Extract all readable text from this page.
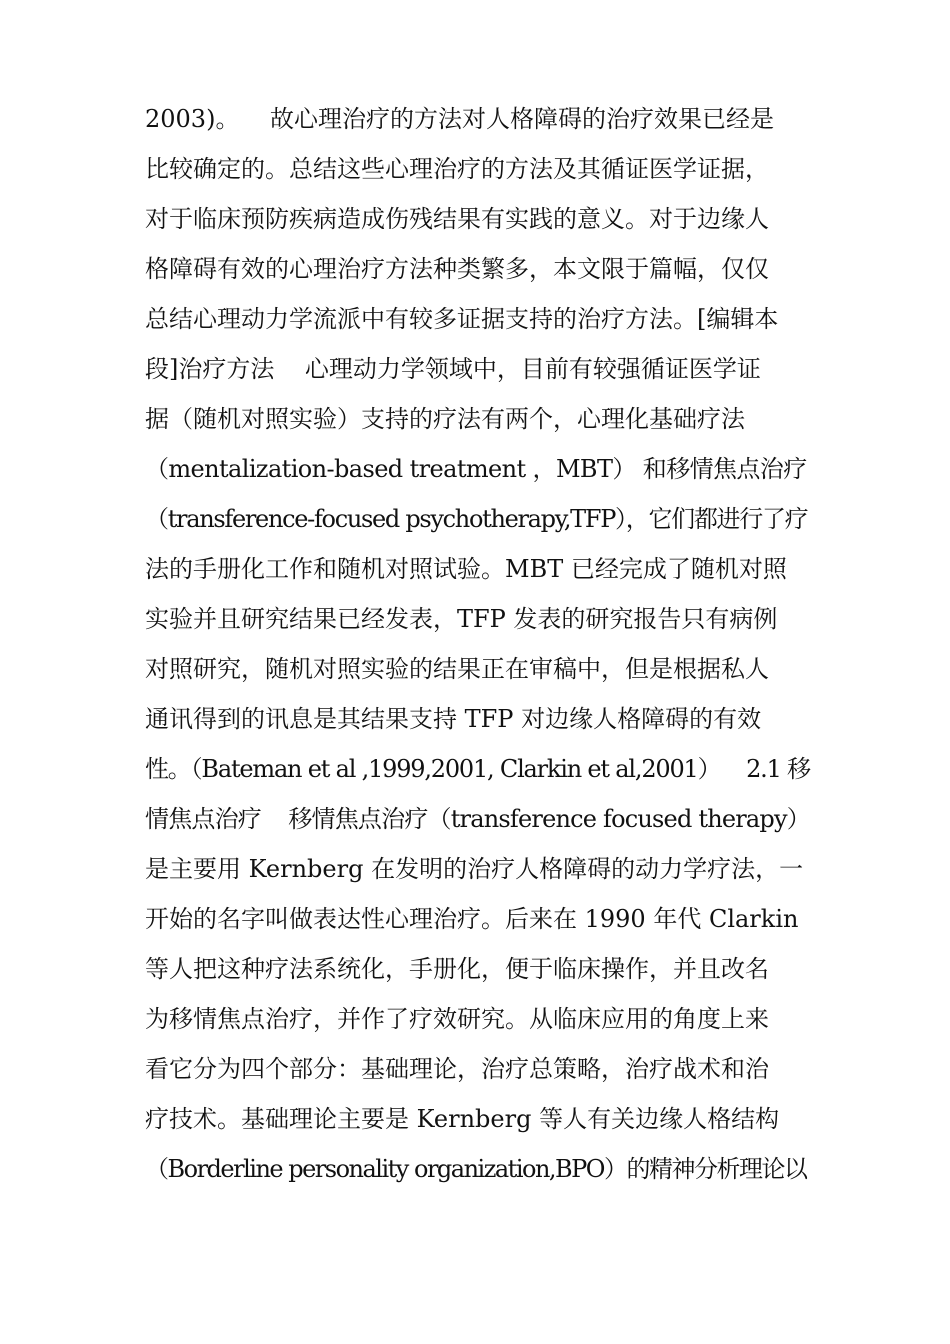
2003)。    故心理治疗的方法对人格障碍的治疗效果已经是
比较确定的。总结这些心理治疗的方法及其循证医学证据，
对于临床预防疾病造成伤残结果有实践的意义。对于边缘人
格障碍有效的心理治疗方法种类繁多，本文限于篇幅，仅仅
总结心理动力学流派中有较多证据支持的治疗方法。[编辑本
段]治疗方法    心理动力学领域中，目前有较强循证医学证
据（随机对照实验）支持的疗法有两个，心理化基础疗法
（mentalization-based treatment ，MBT） 和移情焦点治疗
（transference-focused psychotherapy,TFP），它们都进行了疗
法的手册化工作和随机对照试验。MBT 已经完成了随机对照
实验并且研究结果已经发表，TFP 发表的研究报告只有病例
对照研究，随机对照实验的结果正在审稿中，但是根据私人
通讯得到的讯息是其结果支持 TFP 对边缘人格障碍的有效
性。（Bateman et al ,1999,2001, Clarkin et al,2001）    2.1 移
情焦点治疗    移情焦点治疗（transference focused therapy）
是主要用 Kernberg 在发明的治疗人格障碍的动力学疗法，一
开始的名字叫做表达性心理治疗。后来在 1990 年代 Clarkin
等人把这种疗法系统化，手册化，便于临床操作，并且改名
为移情焦点治疗，并作了疗效研究。从临床应用的角度上来
看它分为四个部分：基础理论，治疗总策略，治疗战术和治
疗技术。基础理论主要是 Kernberg 等人有关边缘人格结构
（Borderline personality organization,BPO）的精神分析理论以
